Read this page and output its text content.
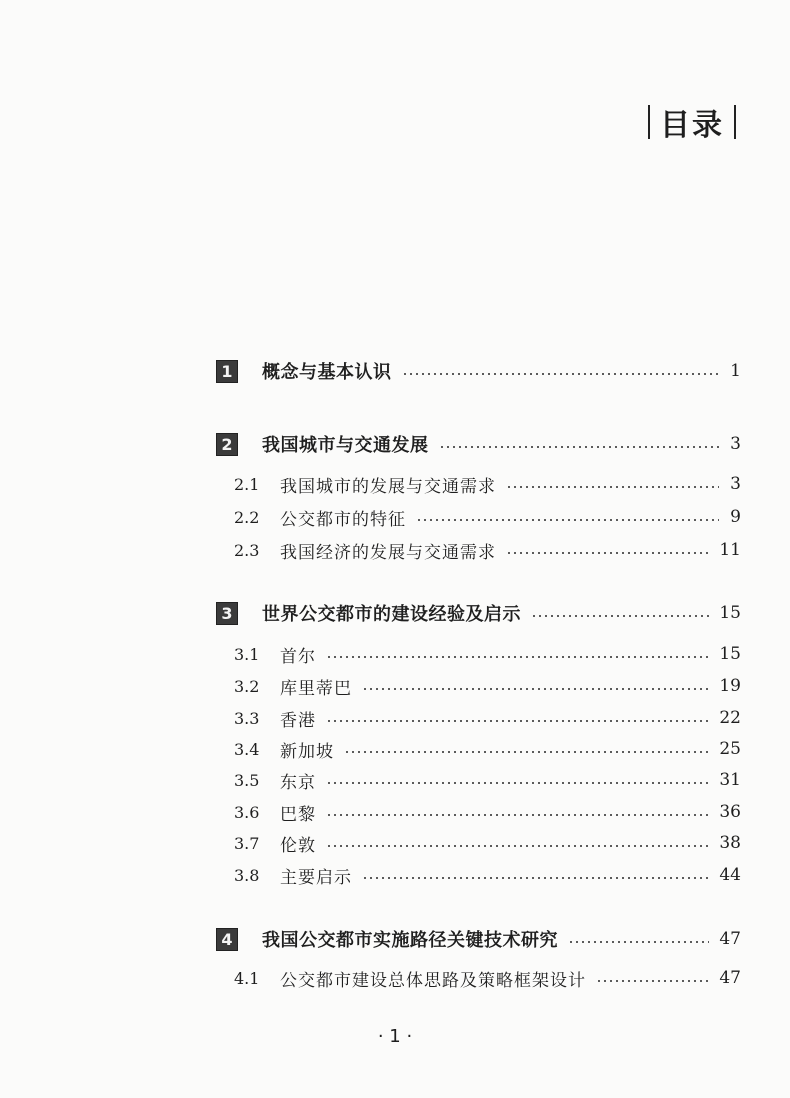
目录
1	概念与基本认识	1
2	我国城市与交通发展	3
2.1	我国城市的发展与交通需求	3
2.2	公交都市的特征	9
2.3	我国经济的发展与交通需求	11
3	世界公交都市的建设经验及启示	15
3.1	首尔	15
3.2	库里蒂巴	19
3.3	香港	22
3.4	新加坡	25
3.5	东京	31
3.6	巴黎	36
3.7	伦敦	38
3.8	主要启示	44
4	我国公交都市实施路径关键技术研究	47
4.1	公交都市建设总体思路及策略框架设计	47
· 1 ·
